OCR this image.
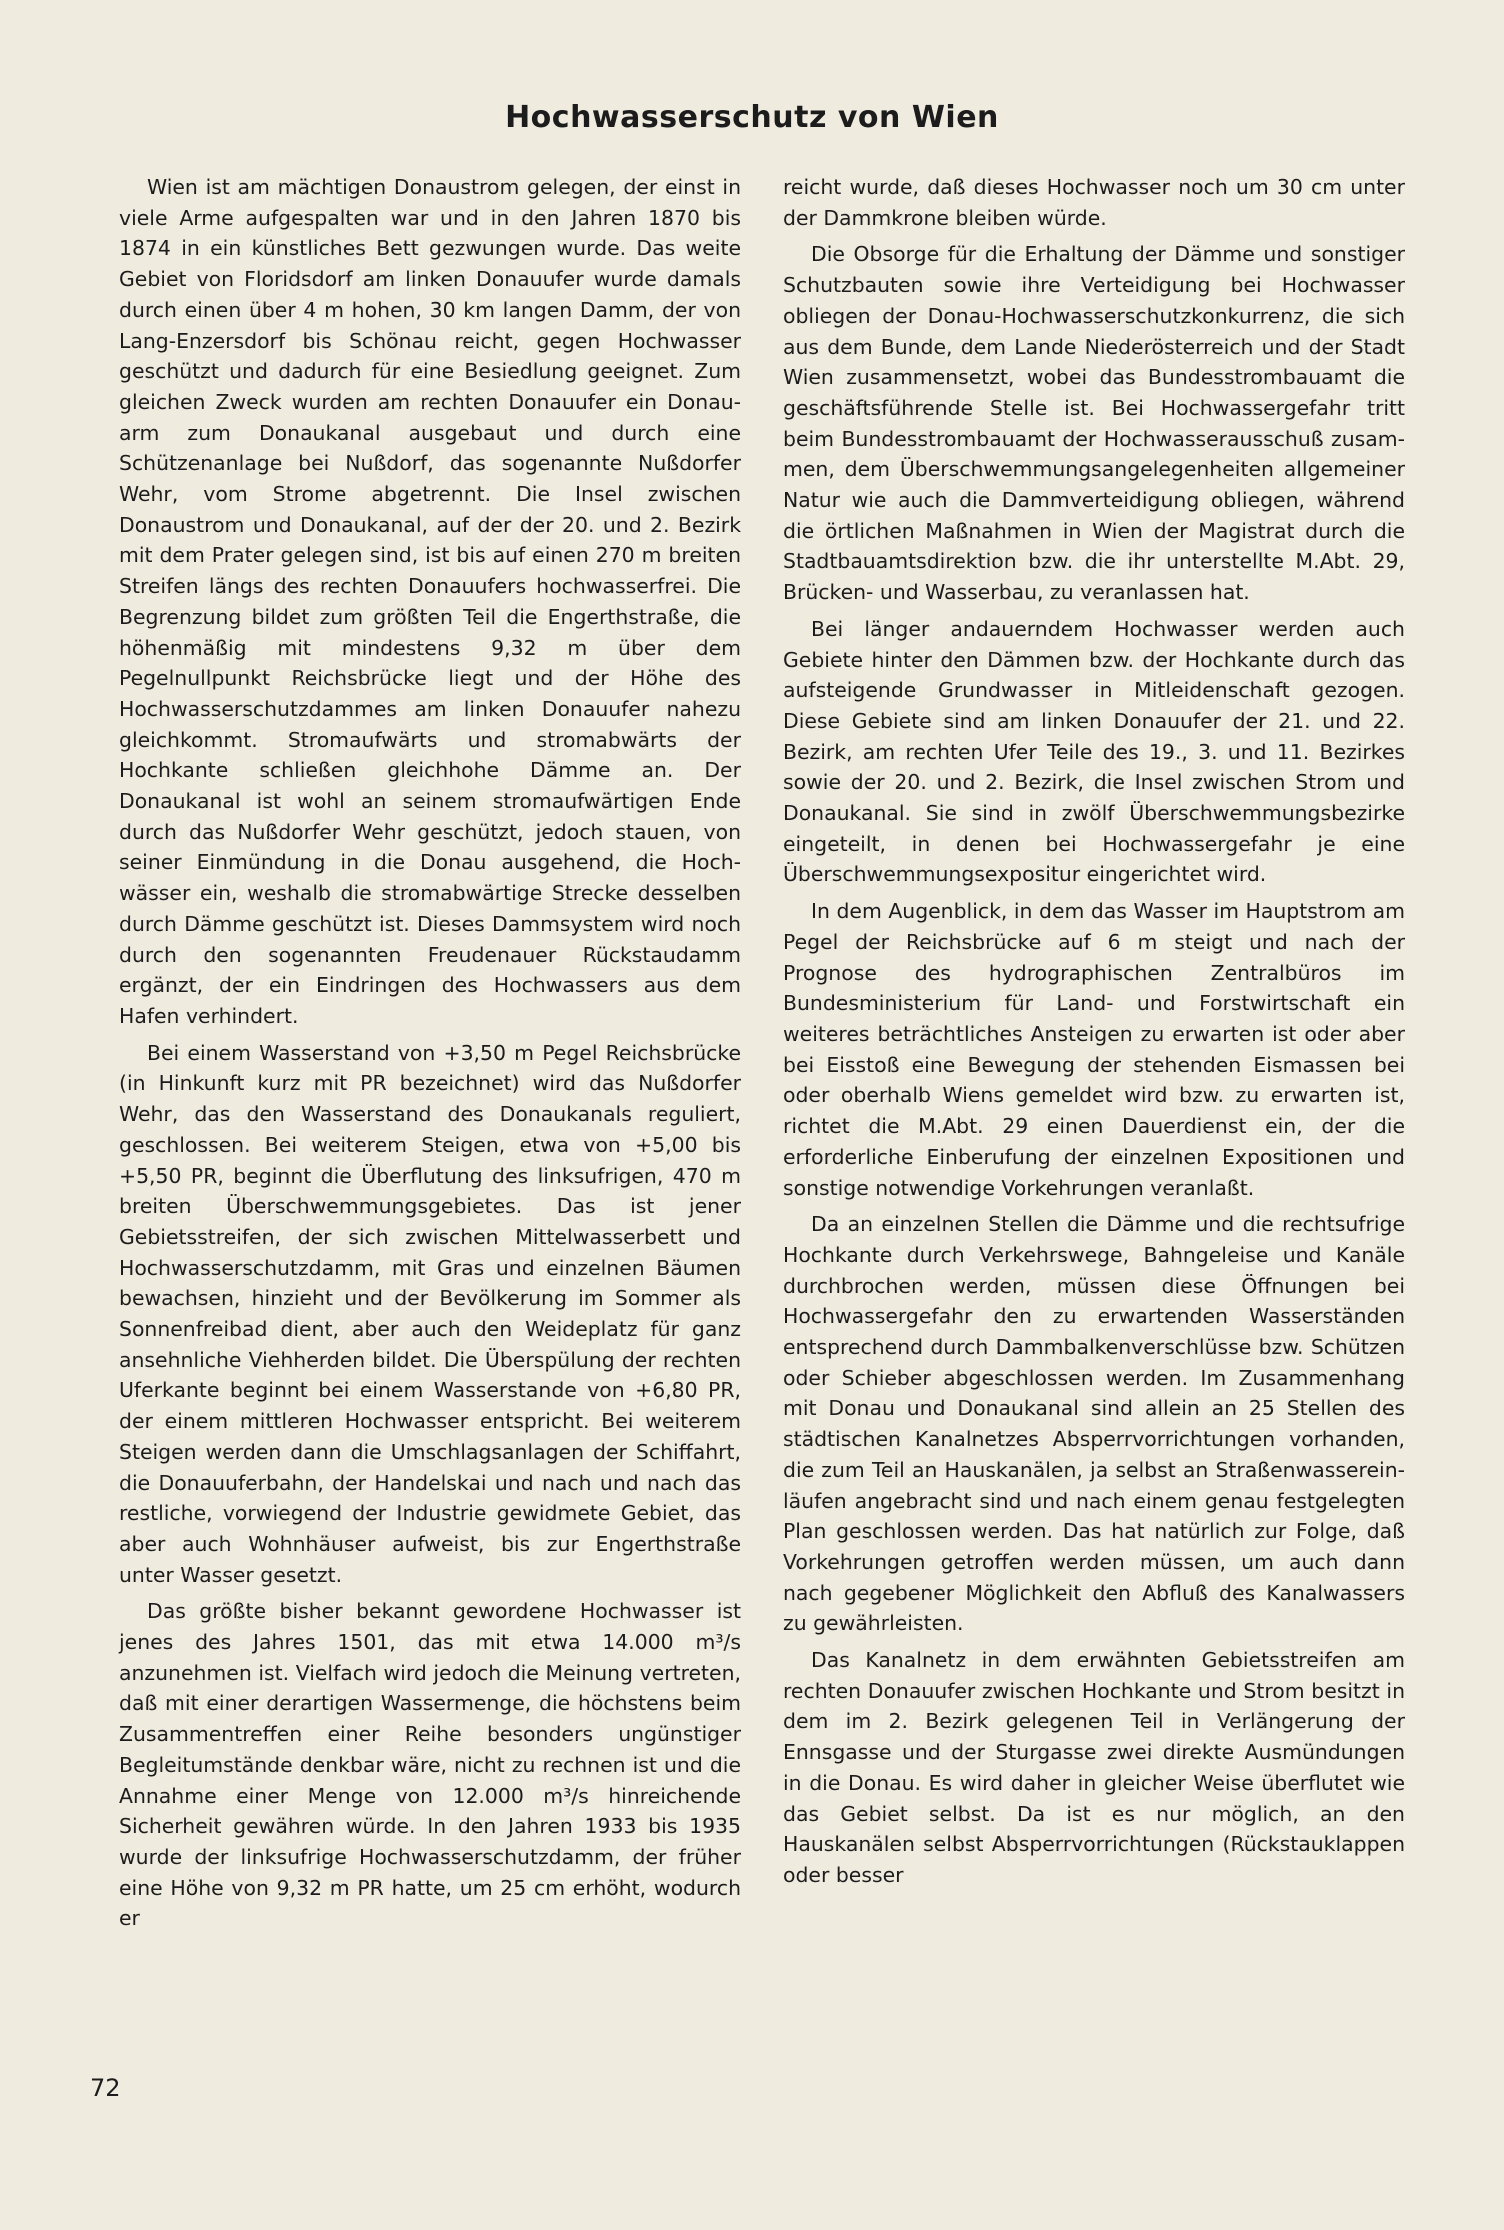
Hochwasserschutz von Wien

Wien ist am mächtigen Donaustrom gelegen, der einst in viele Arme aufgespalten war und in den Jahren 1870 bis 1874 in ein künstliches Bett gezwungen wurde. Das weite Gebiet von Floridsdorf am linken Donauufer wurde damals durch einen über 4 m hohen, 30 km langen Damm, der von Lang-Enzersdorf bis Schönau reicht, gegen Hochwasser geschützt und dadurch für eine Besiedlung geeignet. Zum gleichen Zweck wurden am rechten Donauufer ein Donauarm zum Donaukanal ausgebaut und durch eine Schützenanlage bei Nußdorf, das sogenannte Nußdorfer Wehr, vom Strome abgetrennt. Die Insel zwischen Donaustrom und Donaukanal, auf der der 20. und 2. Bezirk mit dem Prater gelegen sind, ist bis auf einen 270 m breiten Streifen längs des rechten Donauufers hochwasserfrei. Die Begrenzung bildet zum größten Teil die Engerthstraße, die höhenmäßig mit mindestens 9,32 m über dem Pegelnullpunkt Reichsbrücke liegt und der Höhe des Hochwasserschutzdammes am linken Donauufer nahezu gleichkommt. Stromaufwärts und stromabwärts der Hochkante schließen gleichhohe Dämme an. Der Donaukanal ist wohl an seinem stromaufwärtigen Ende durch das Nußdorfer Wehr geschützt, jedoch stauen, von seiner Einmündung in die Donau ausgehend, die Hochwässer ein, weshalb die stromabwärtige Strecke desselben durch Dämme geschützt ist. Dieses Dammsystem wird noch durch den sogenannten Freudenauer Rückstaudamm ergänzt, der ein Eindringen des Hochwassers aus dem Hafen verhindert.

Bei einem Wasserstand von +3,50 m Pegel Reichsbrücke (in Hinkunft kurz mit PR bezeichnet) wird das Nußdorfer Wehr, das den Wasserstand des Donaukanals reguliert, geschlossen. Bei weiterem Steigen, etwa von +5,00 bis +5,50 PR, beginnt die Überflutung des linksufrigen, 470 m breiten Überschwemmungsgebietes. Das ist jener Gebietsstreifen, der sich zwischen Mittelwasserbett und Hochwasserschutzdamm, mit Gras und einzelnen Bäumen bewachsen, hinzieht und der Bevölkerung im Sommer als Sonnenfreibad dient, aber auch den Weideplatz für ganz ansehnliche Viehherden bildet. Die Überspülung der rechten Uferkante beginnt bei einem Wasserstande von +6,80 PR, der einem mittleren Hochwasser entspricht. Bei weiterem Steigen werden dann die Umschlagsanlagen der Schiffahrt, die Donauuferbahn, der Handelskai und nach und nach das restliche, vorwiegend der Industrie gewidmete Gebiet, das aber auch Wohnhäuser aufweist, bis zur Engerthstraße unter Wasser gesetzt.

Das größte bisher bekannt gewordene Hochwasser ist jenes des Jahres 1501, das mit etwa 14.000 m³/s anzunehmen ist. Vielfach wird jedoch die Meinung vertreten, daß mit einer derartigen Wassermenge, die höchstens beim Zusammentreffen einer Reihe besonders ungünstiger Begleitumstände denkbar wäre, nicht zu rechnen ist und die Annahme einer Menge von 12.000 m³/s hinreichende Sicherheit gewähren würde. In den Jahren 1933 bis 1935 wurde der linksufrige Hochwasserschutzdamm, der früher eine Höhe von 9,32 m PR hatte, um 25 cm erhöht, wodurch er

reicht wurde, daß dieses Hochwasser noch um 30 cm unter der Dammkrone bleiben würde.

Die Obsorge für die Erhaltung der Dämme und sonstiger Schutzbauten sowie ihre Verteidigung bei Hochwasser obliegen der Donau-Hochwasserschutzkonkurrenz, die sich aus dem Bunde, dem Lande Niederösterreich und der Stadt Wien zusammensetzt, wobei das Bundesstrombauamt die geschäftsführende Stelle ist. Bei Hochwassergefahr tritt beim Bundesstrombauamt der Hochwasserausschuß zusammen, dem Überschwemmungsangelegenheiten allgemeiner Natur wie auch die Dammverteidigung obliegen, während die örtlichen Maßnahmen in Wien der Magistrat durch die Stadtbauamtsdirektion bzw. die ihr unterstellte M.Abt. 29, Brücken- und Wasserbau, zu veranlassen hat.

Bei länger andauerndem Hochwasser werden auch Gebiete hinter den Dämmen bzw. der Hochkante durch das aufsteigende Grundwasser in Mitleidenschaft gezogen. Diese Gebiete sind am linken Donauufer der 21. und 22. Bezirk, am rechten Ufer Teile des 19., 3. und 11. Bezirkes sowie der 20. und 2. Bezirk, die Insel zwischen Strom und Donaukanal. Sie sind in zwölf Überschwemmungsbezirke eingeteilt, in denen bei Hochwassergefahr je eine Überschwemmungsexpositur eingerichtet wird.

In dem Augenblick, in dem das Wasser im Hauptstrom am Pegel der Reichsbrücke auf 6 m steigt und nach der Prognose des hydrographischen Zentralbüros im Bundesministerium für Land- und Forstwirtschaft ein weiteres beträchtliches Ansteigen zu erwarten ist oder aber bei Eisstoß eine Bewegung der stehenden Eismassen bei oder oberhalb Wiens gemeldet wird bzw. zu erwarten ist, richtet die M.Abt. 29 einen Dauerdienst ein, der die erforderliche Einberufung der einzelnen Expositionen und sonstige notwendige Vorkehrungen veranlaßt.

Da an einzelnen Stellen die Dämme und die rechtsufrige Hochkante durch Verkehrswege, Bahngeleise und Kanäle durchbrochen werden, müssen diese Öffnungen bei Hochwassergefahr den zu erwartenden Wasserständen entsprechend durch Dammbalkenverschlüsse bzw. Schützen oder Schieber abgeschlossen werden. Im Zusammenhang mit Donau und Donaukanal sind allein an 25 Stellen des städtischen Kanalnetzes Absperrvorrichtungen vorhanden, die zum Teil an Hauskanälen, ja selbst an Straßenwassereinläufen angebracht sind und nach einem genau festgelegten Plan geschlossen werden. Das hat natürlich zur Folge, daß Vorkehrungen getroffen werden müssen, um auch dann nach gegebener Möglichkeit den Abfluß des Kanalwassers zu gewährleisten.

Das Kanalnetz in dem erwähnten Gebietsstreifen am rechten Donauufer zwischen Hochkante und Strom besitzt in dem im 2. Bezirk gelegenen Teil in Verlängerung der Ennsgasse und der Sturgasse zwei direkte Ausmündungen in die Donau. Es wird daher in gleicher Weise überflutet wie das Gebiet selbst. Da ist es nur möglich, an den Hauskanälen selbst Absperrvorrichtungen (Rückstauklappen oder besser

72
